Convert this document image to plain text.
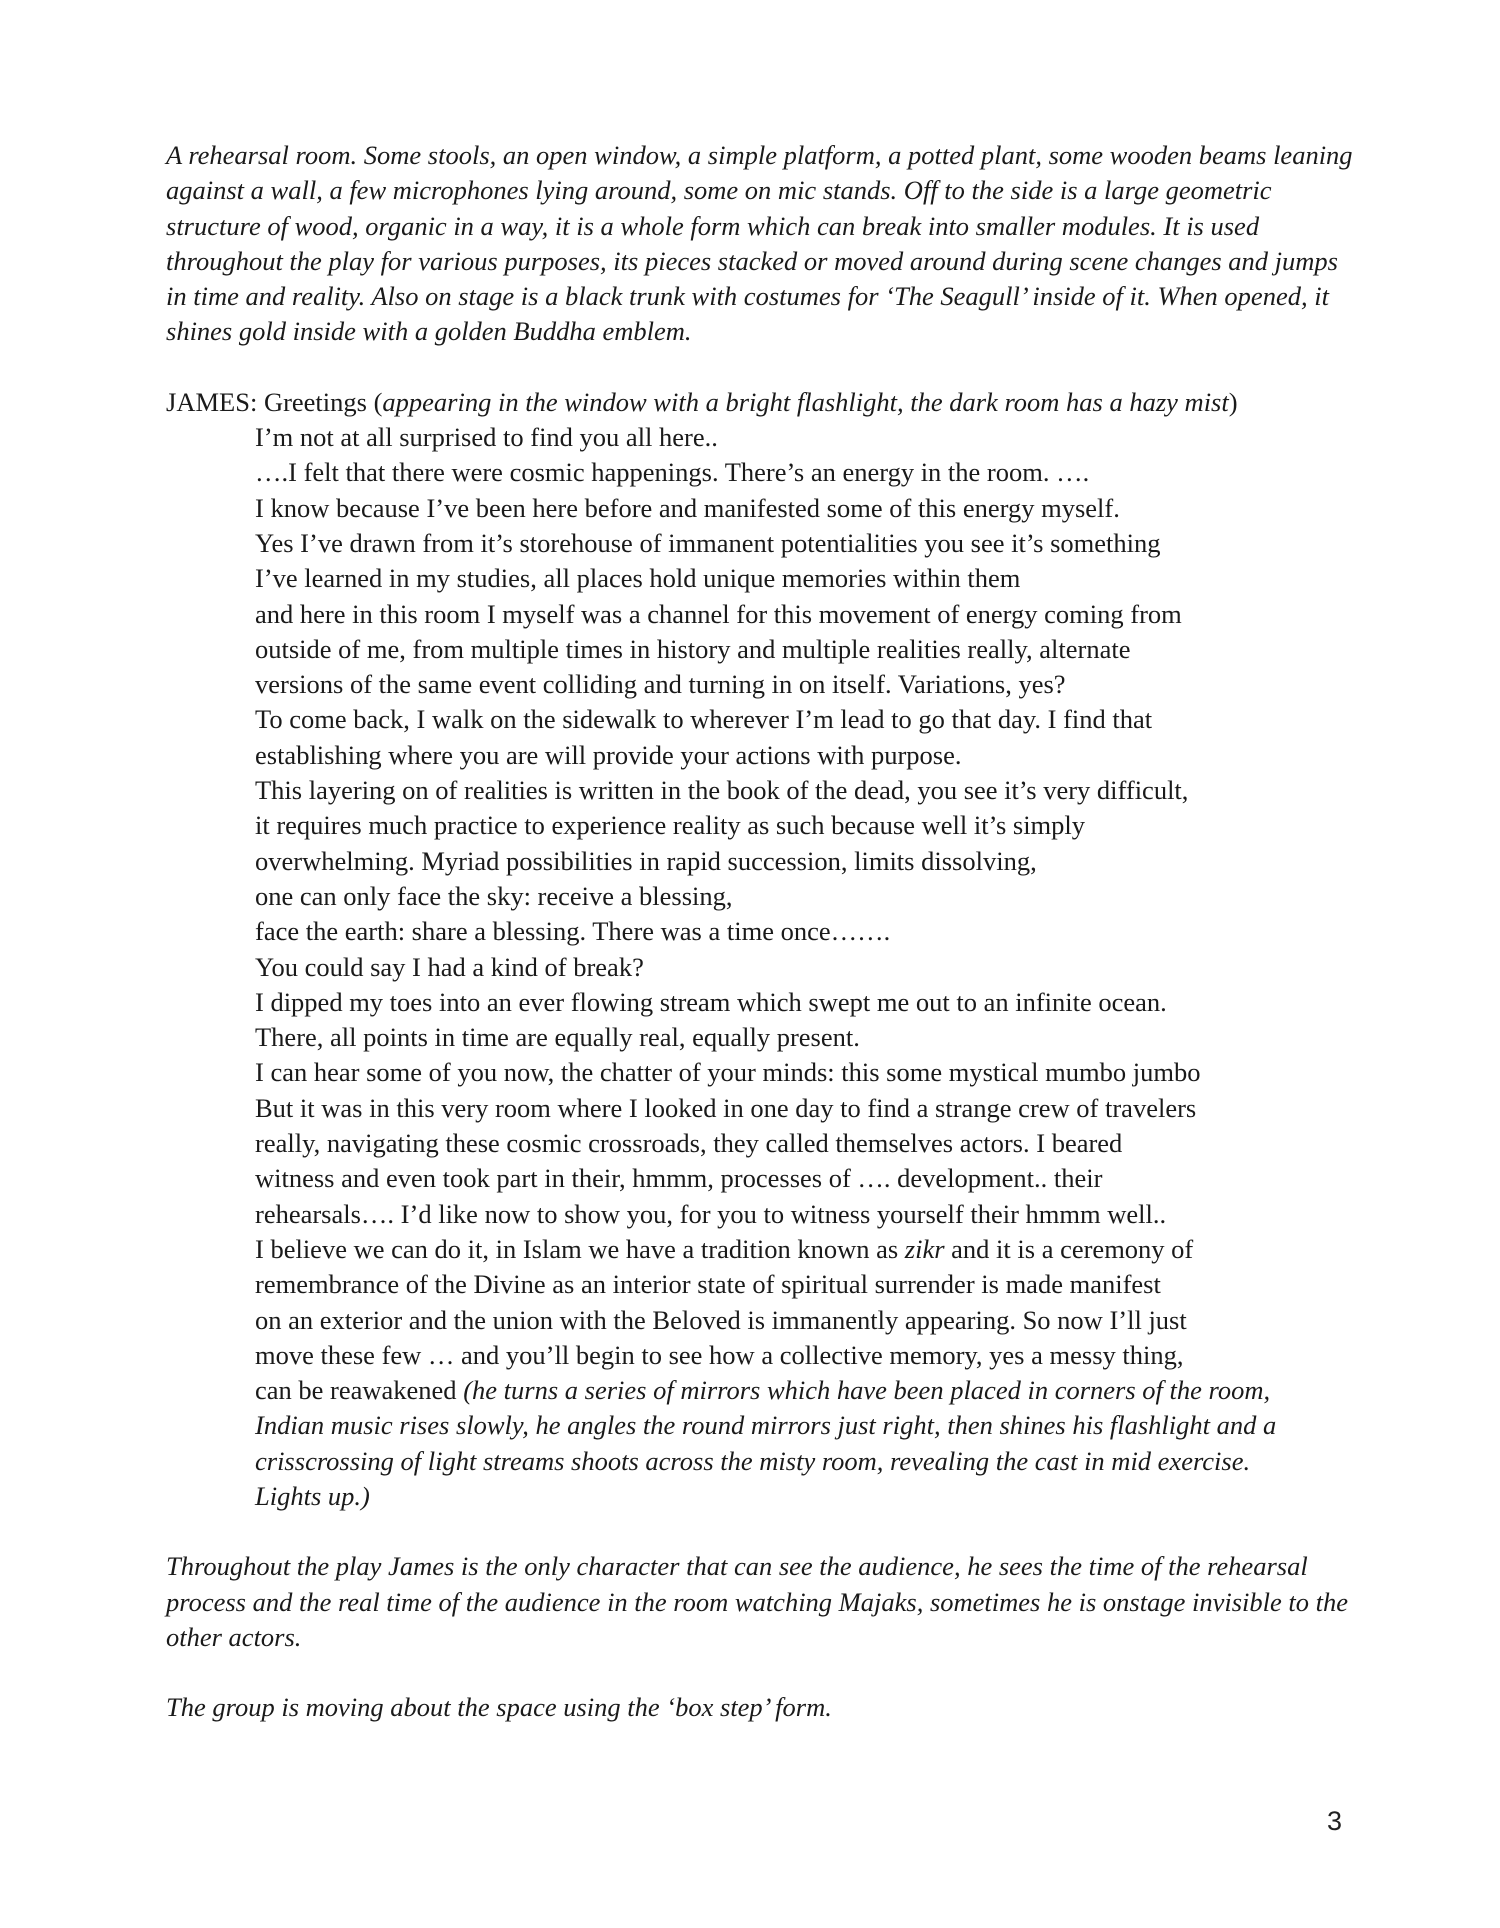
A rehearsal room. Some stools, an open window, a simple platform, a potted plant, some wooden beams leaning against a wall, a few microphones lying around, some on mic stands. Off to the side is a large geometric structure of wood, organic in a way, it is a whole form which can break into smaller modules. It is used throughout the play for various purposes, its pieces stacked or moved around during scene changes and jumps in time and reality. Also on stage is a black trunk with costumes for ‘The Seagull’ inside of it. When opened, it shines gold inside with a golden Buddha emblem.

JAMES: Greetings (appearing in the window with a bright flashlight, the dark room has a hazy mist)

I’m not at all surprised to find you all here..
….I felt that there were cosmic happenings. There’s an energy in the room. ….
I know because I’ve been here before and manifested some of this energy myself.
Yes I’ve drawn from it’s storehouse of immanent potentialities you see it’s something
I’ve learned in my studies, all places hold unique memories within them
and here in this room I myself was a channel for this movement of energy coming from
outside of me, from multiple times in history and multiple realities really, alternate
versions of the same event colliding and turning in on itself. Variations, yes?
To come back, I walk on the sidewalk to wherever I’m lead to go that day. I find that
establishing where you are will provide your actions with purpose.
This layering on of realities is written in the book of the dead, you see it’s very difficult,
it requires much practice to experience reality as such because well it’s simply
overwhelming. Myriad possibilities in rapid succession, limits dissolving,
one can only face the sky: receive a blessing,
face the earth: share a blessing. There was a time once…….
You could say I had a kind of break?
I dipped my toes into an ever flowing stream which swept me out to an infinite ocean.
There, all points in time are equally real, equally present.
I can hear some of you now, the chatter of your minds: this some mystical mumbo jumbo
But it was in this very room where I looked in one day to find a strange crew of travelers
really, navigating these cosmic crossroads, they called themselves actors. I beared
witness and even took part in their, hmmm, processes of …. development.. their
rehearsals…. I’d like now to show you, for you to witness yourself their hmmm well..
I believe we can do it, in Islam we have a tradition known as zikr and it is a ceremony of
remembrance of the Divine as an interior state of spiritual surrender is made manifest
on an exterior and the union with the Beloved is immanently appearing. So now I’ll just
move these few … and you’ll begin to see how a collective memory, yes a messy thing,
can be reawakened (he turns a series of mirrors which have been placed in corners of the room,
Indian music rises slowly, he angles the round mirrors just right, then shines his flashlight and a
crisscrossing of light streams shoots across the misty room, revealing the cast in mid exercise.
Lights up.)

Throughout the play James is the only character that can see the audience, he sees the time of the rehearsal process and the real time of the audience in the room watching Majaks, sometimes he is onstage invisible to the other actors.

The group is moving about the space using the ‘box step’ form.

3
